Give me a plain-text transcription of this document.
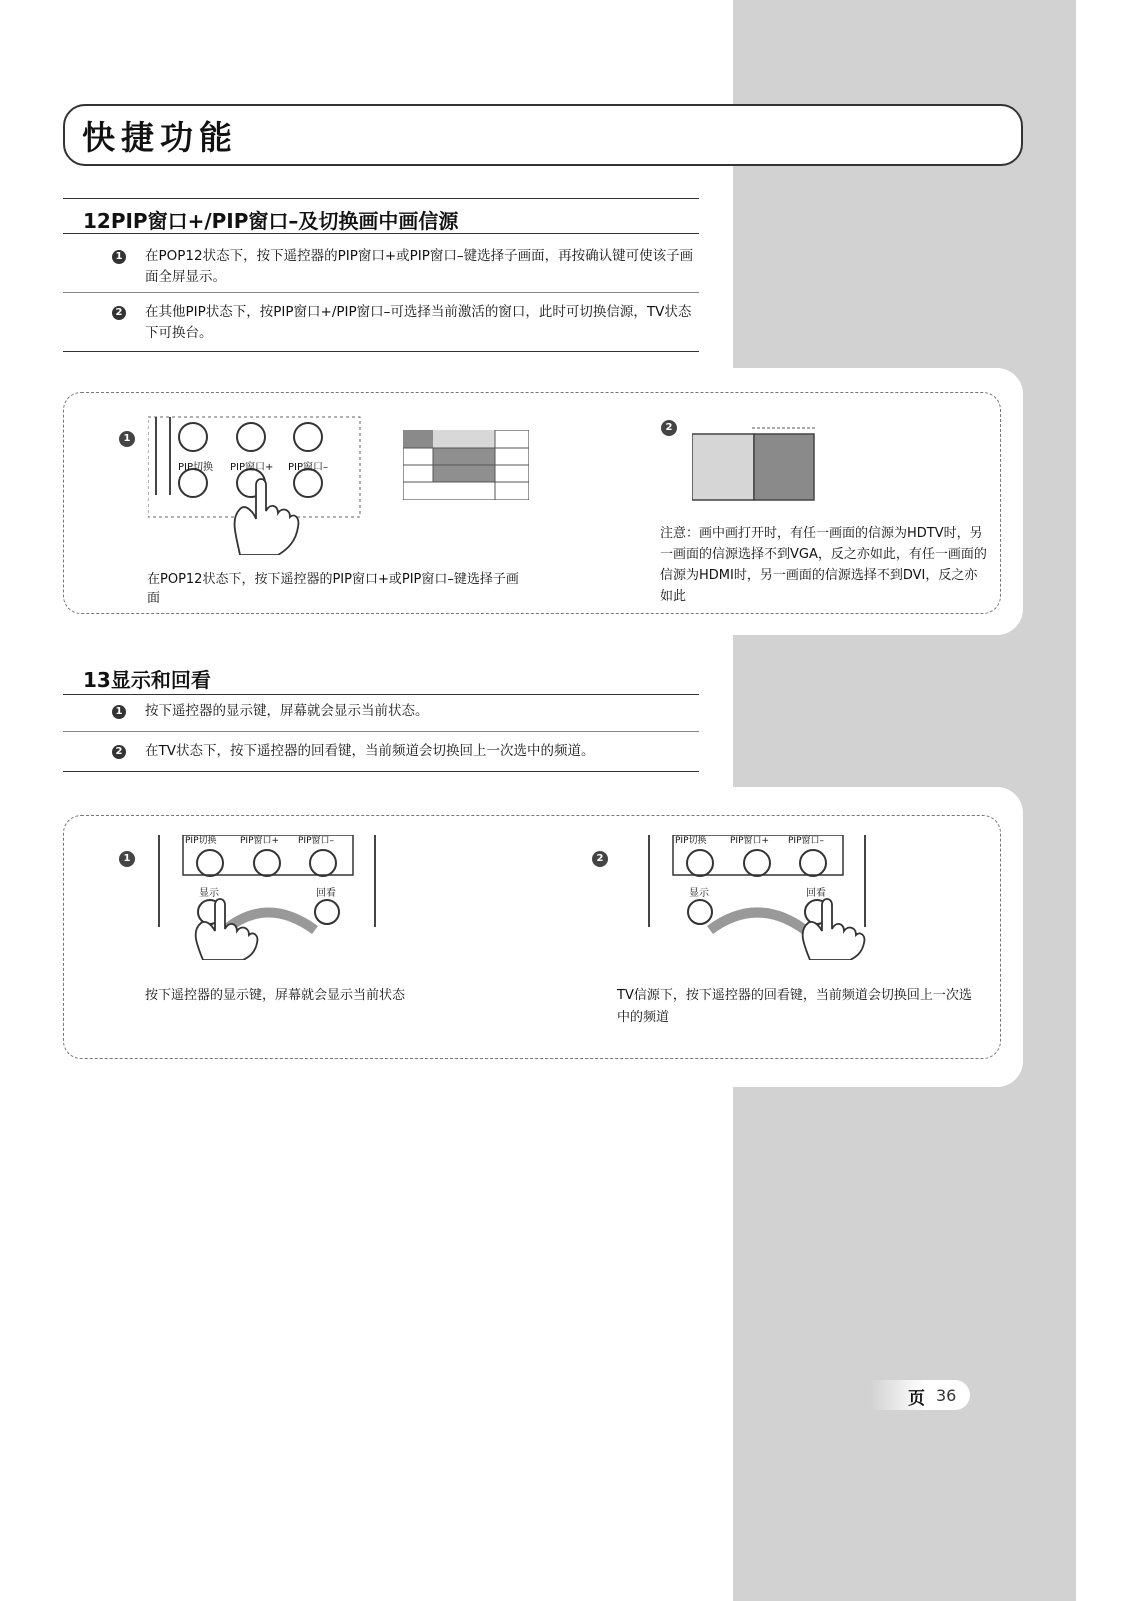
快捷功能
12PIP窗口+/PIP窗口–及切换画中画信源
1 在POP12状态下，按下遥控器的PIP窗口+或PIP窗口–键选择子画面，再按确认键可使该子画面全屏显示。
2 在其他PIP状态下，按PIP窗口+/PIP窗口–可选择当前激活的窗口，此时可切换信源，TV状态下可换台。
1
PIP切换 PIP窗口+ PIP窗口–
2
在POP12状态下，按下遥控器的PIP窗口+或PIP窗口–键选择子画面
注意：画中画打开时，有任一画面的信源为HDTV时，另一画面的信源选择不到VGA，反之亦如此，有任一画面的信源为HDMI时，另一画面的信源选择不到DVI，反之亦如此
13显示和回看
1 按下遥控器的显示键，屏幕就会显示当前状态。
2 在TV状态下，按下遥控器的回看键，当前频道会切换回上一次选中的频道。
1
PIP切换	PIP窗口+ PIP窗口–
显示	回看
2
PIP切换	PIP窗口+ PIP窗口–
显示	回看
按下遥控器的显示键，屏幕就会显示当前状态	TV信源下，按下遥控器的回看键，当前频道会切换回上一次选中的频道
页 36
